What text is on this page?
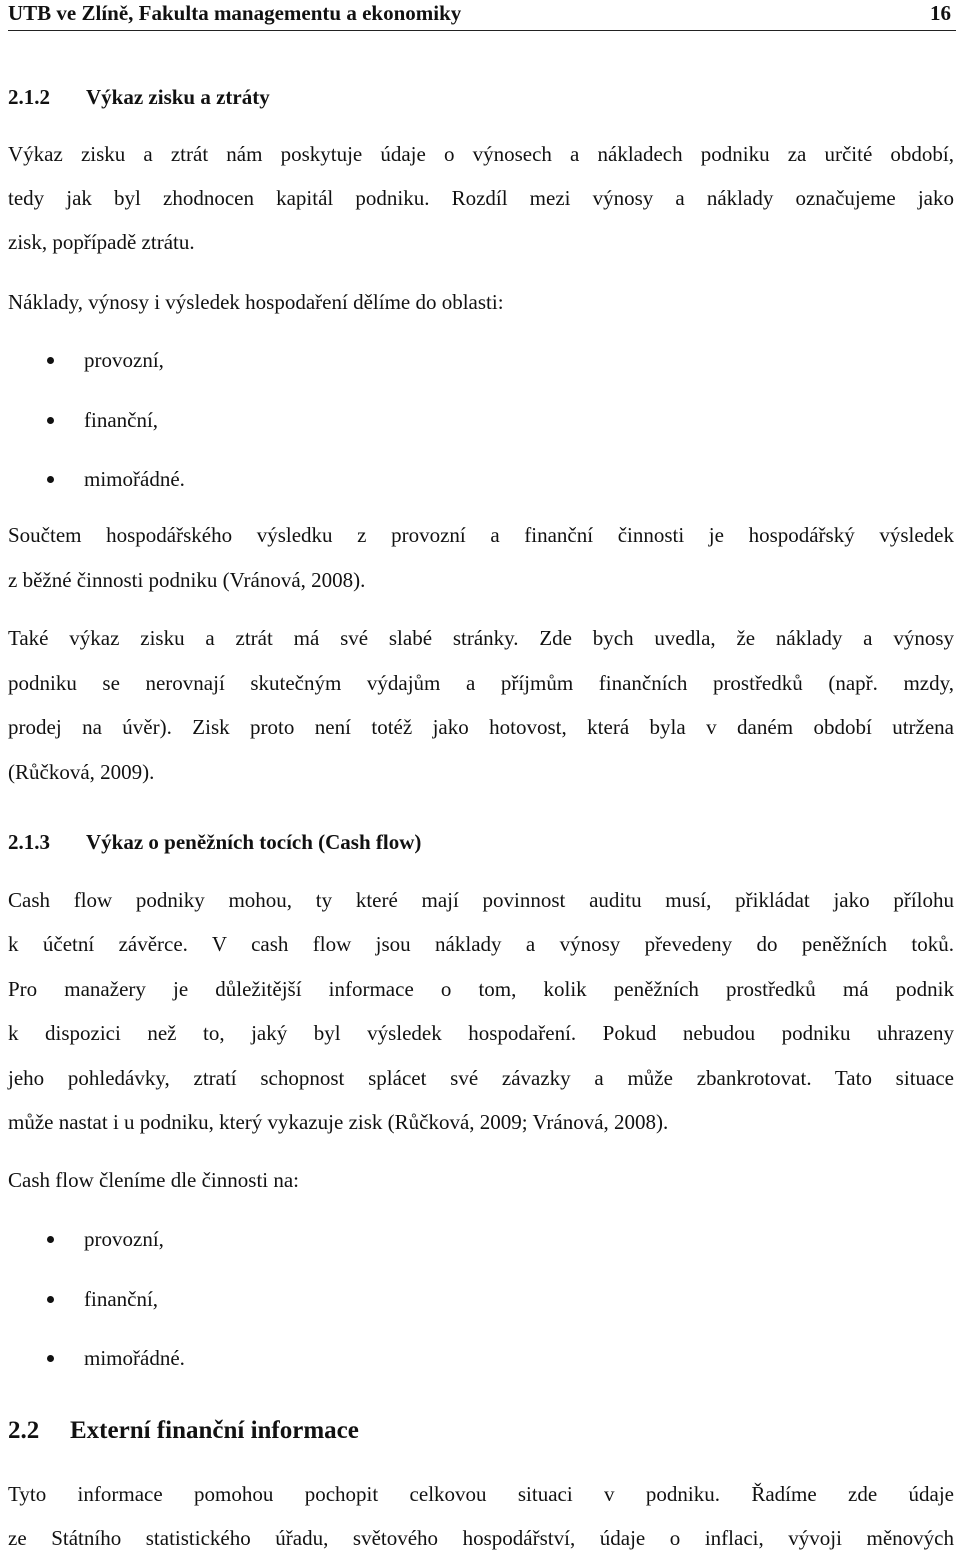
UTB ve Zlíně, Fakulta managementu a ekonomiky	16
2.1.2 Výkaz zisku a ztráty
Výkaz zisku a ztrát nám poskytuje údaje o výnosech a nákladech podniku za určité období,
tedy jak byl zhodnocen kapitál podniku. Rozdíl mezi výnosy a náklady označujeme jako
zisk, popřípadě ztrátu.
Náklady, výnosy i výsledek hospodaření dělíme do oblasti:
provozní,
finanční,
mimořádné.
Součtem hospodářského výsledku z provozní a finanční činnosti je hospodářský výsledek
z běžné činnosti podniku (Vránová, 2008).
Také výkaz zisku a ztrát má své slabé stránky. Zde bych uvedla, že náklady a výnosy
podniku se nerovnají skutečným výdajům a příjmům finančních prostředků (např. mzdy,
prodej na úvěr). Zisk proto není totéž jako hotovost, která byla v daném období utržena
(Růčková, 2009).
2.1.3 Výkaz o peněžních tocích (Cash flow)
Cash flow podniky mohou, ty které mají povinnost auditu musí, přikládat jako přílohu
k účetní závěrce. V cash flow jsou náklady a výnosy převedeny do peněžních toků.
Pro manažery je důležitější informace o tom, kolik peněžních prostředků má podnik
k dispozici než to, jaký byl výsledek hospodaření. Pokud nebudou podniku uhrazeny
jeho pohledávky, ztratí schopnost splácet své závazky a může zbankrotovat. Tato situace
může nastat i u podniku, který vykazuje zisk (Růčková, 2009; Vránová, 2008).
Cash flow členíme dle činnosti na:
provozní,
finanční,
mimořádné.
2.2 Externí finanční informace
Tyto informace pomohou pochopit celkovou situaci v podniku. Řadíme zde údaje
ze Státního statistického úřadu, světového hospodářství, údaje o inflaci, vývoji měnových
